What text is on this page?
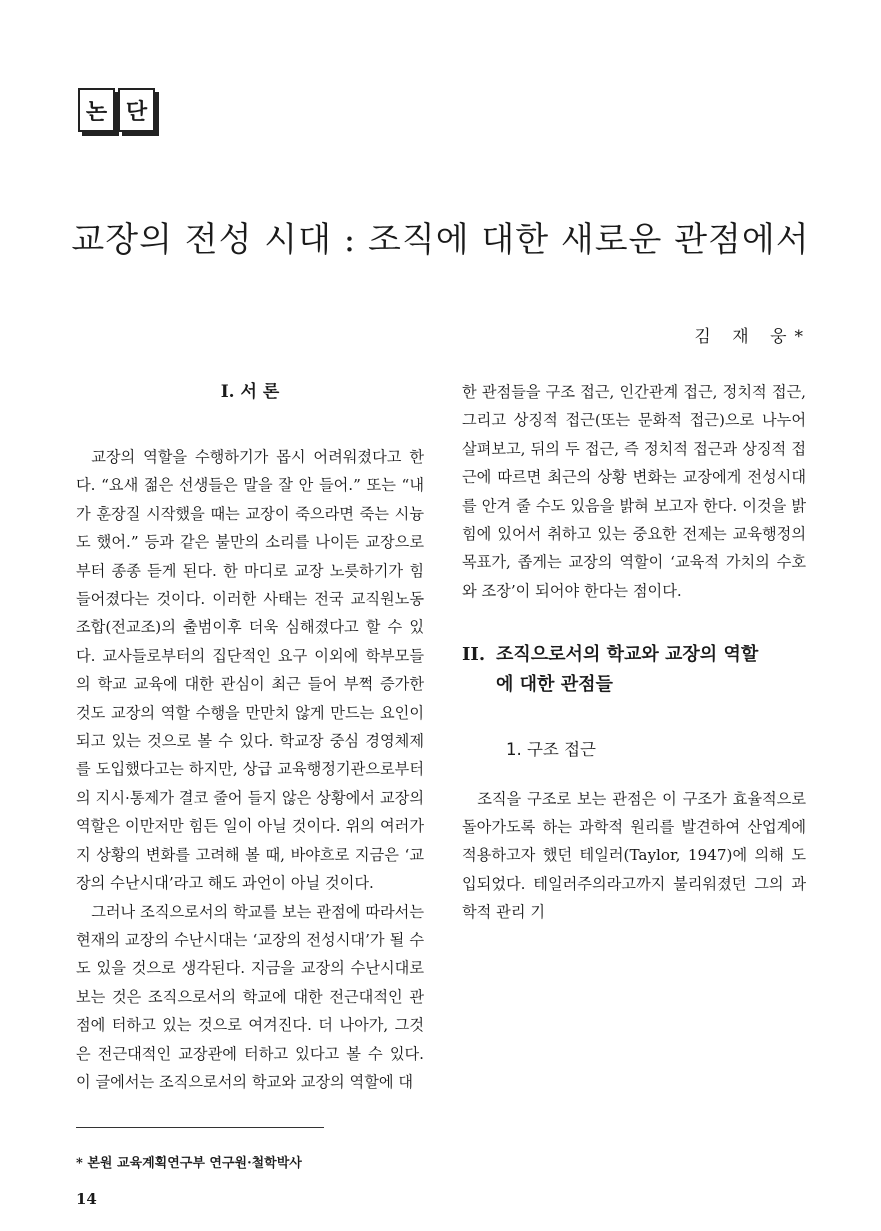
논 단
교장의 전성 시대 : 조직에 대한 새로운 관점에서
김 재 웅*
I. 서 론

교장의 역할을 수행하기가 몹시 어려워졌다고 한다. “요새 젊은 선생들은 말을 잘 안 들어.” 또는 “내가 훈장질 시작했을 때는 교장이 죽으라면 죽는 시늉도 했어.” 등과 같은 불만의 소리를 나이든 교장으로부터 종종 듣게 된다. 한 마디로 교장 노릇하기가 힘들어졌다는 것이다. 이러한 사태는 전국 교직원노동조합(전교조)의 출범이후 더욱 심해졌다고 할 수 있다. 교사들로부터의 집단적인 요구 이외에 학부모들의 학교 교육에 대한 관심이 최근 들어 부쩍 증가한 것도 교장의 역할 수행을 만만치 않게 만드는 요인이 되고 있는 것으로 볼 수 있다. 학교장 중심 경영체제를 도입했다고는 하지만, 상급 교육행정기관으로부터의 지시·통제가 결코 줄어 들지 않은 상황에서 교장의 역할은 이만저만 힘든 일이 아닐 것이다. 위의 여러가지 상황의 변화를 고려해 볼 때, 바야흐로 지금은 ‘교장의 수난시대’라고 해도 과언이 아닐 것이다.

그러나 조직으로서의 학교를 보는 관점에 따라서는 현재의 교장의 수난시대는 ‘교장의 전성시대’가 될 수도 있을 것으로 생각된다. 지금을 교장의 수난시대로 보는 것은 조직으로서의 학교에 대한 전근대적인 관점에 터하고 있는 것으로 여겨진다. 더 나아가, 그것은 전근대적인 교장관에 터하고 있다고 볼 수 있다. 이 글에서는 조직으로서의 학교와 교장의 역할에 대

한 관점들을 구조 접근, 인간관계 접근, 정치적 접근, 그리고 상징적 접근(또는 문화적 접근)으로 나누어 살펴보고, 뒤의 두 접근, 즉 정치적 접근과 상징적 접근에 따르면 최근의 상황 변화는 교장에게 전성시대를 안겨 줄 수도 있음을 밝혀 보고자 한다. 이것을 밝힘에 있어서 취하고 있는 중요한 전제는 교육행정의 목표가, 좁게는 교장의 역할이 ‘교육적 가치의 수호와 조장’이 되어야 한다는 점이다.

II. 조직으로서의 학교와 교장의 역할
에 대한 관점들
1. 구조 접근

조직을 구조로 보는 관점은 이 구조가 효율적으로 돌아가도록 하는 과학적 원리를 발견하여 산업계에 적용하고자 했던 테일러(Taylor, 1947)에 의해 도입되었다. 테일러주의라고까지 불리워졌던 그의 과학적 관리 기

* 본원 교육계획연구부 연구원·철학박사
14
